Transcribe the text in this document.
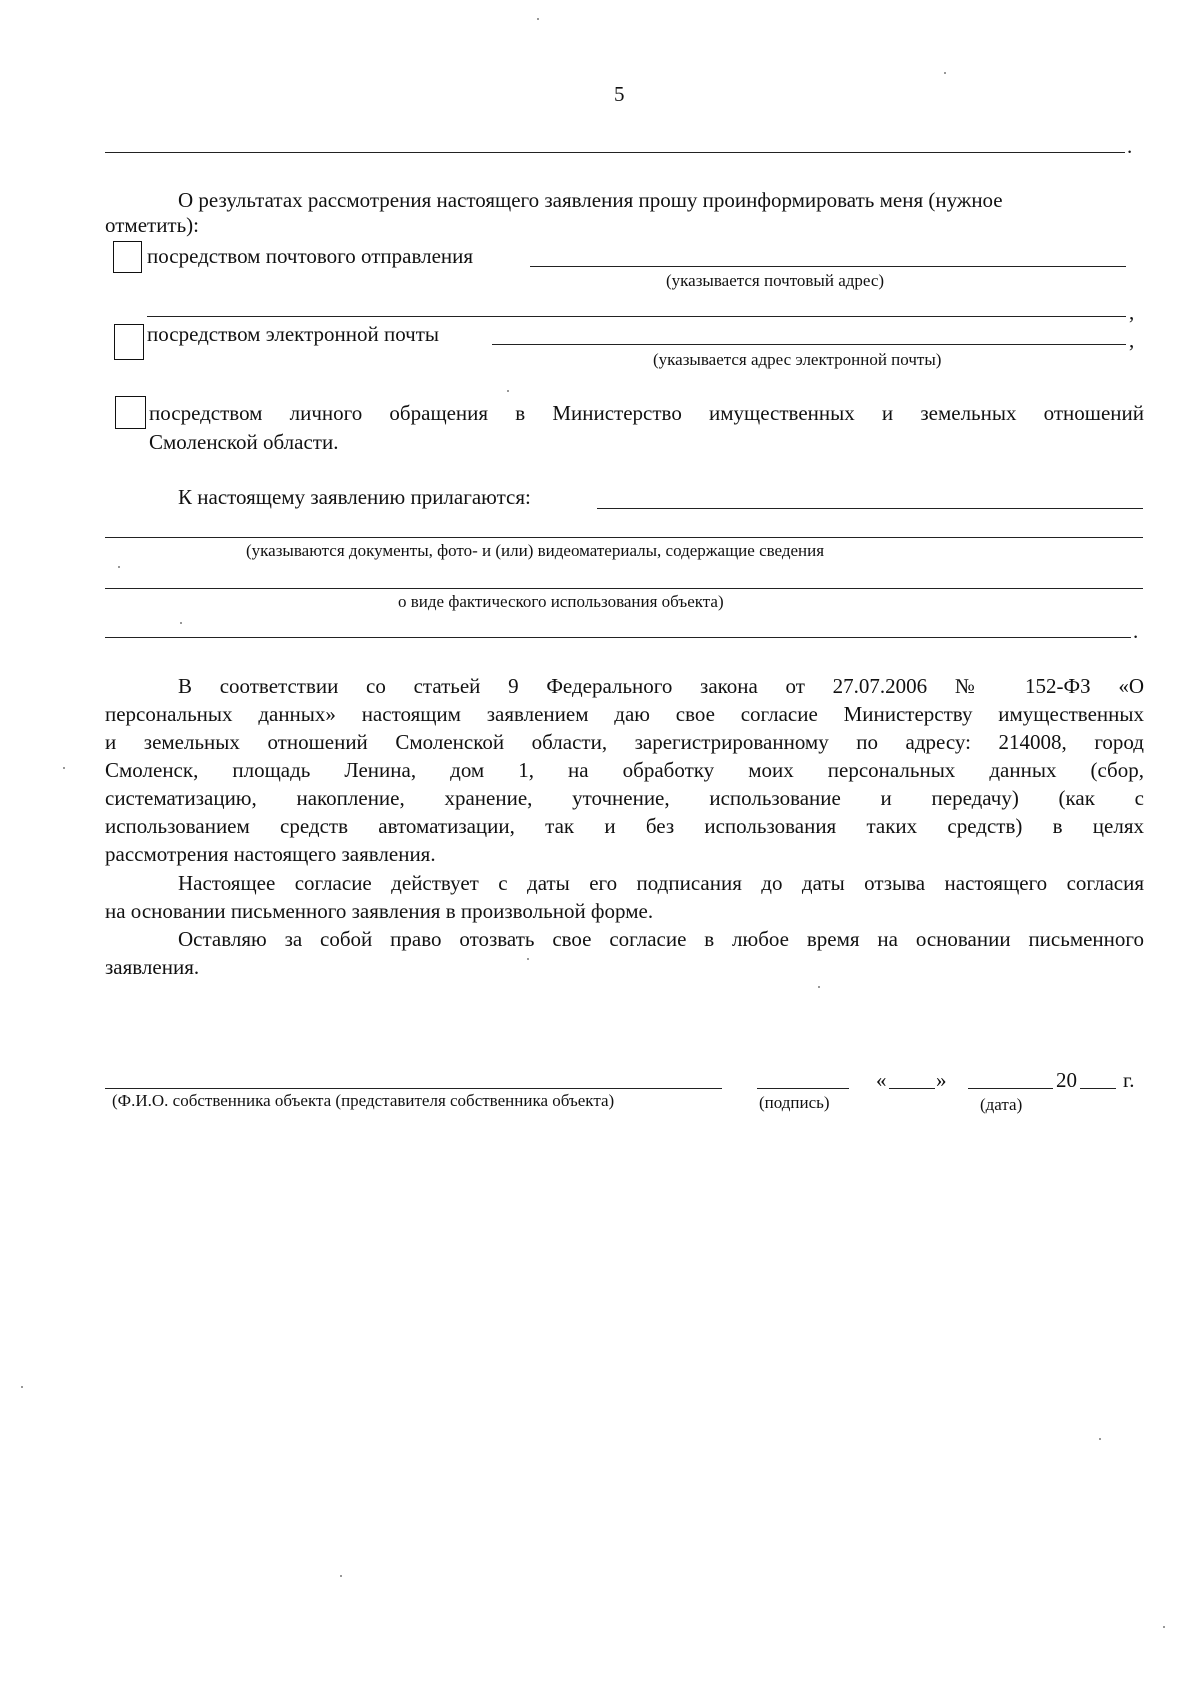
5
.
О результатах рассмотрения настоящего заявления прошу проинформировать меня (нужное
отметить):
посредством почтового отправления
(указывается почтовый адрес)
,
посредством электронной почты	,
(указывается адрес электронной почты)
посредством личного обращения в Министерство имущественных и земельных отношений
Смоленской области.
К настоящему заявлению прилагаются:
(указываются документы, фото- и (или) видеоматериалы, содержащие сведения
о виде фактического использования объекта)
.
В соответствии со статьей 9 Федерального закона от 27.07.2006 № 152-ФЗ «О
персональных данных» настоящим заявлением даю свое согласие Министерству имущественных
и земельных отношений Смоленской области, зарегистрированному по адресу: 214008, город
Смоленск, площадь Ленина, дом 1, на обработку моих персональных данных (сбор,
систематизацию, накопление, хранение, уточнение, использование и передачу) (как с
использованием средств автоматизации, так и без использования таких средств) в целях
рассмотрения настоящего заявления.
Настоящее согласие действует с даты его подписания до даты отзыва настоящего согласия
на основании письменного заявления в произвольной форме.
Оставляю за собой право отозвать свое согласие в любое время на основании письменного
заявления.
(Ф.И.О. собственника объекта (представителя собственника объекта)	(подпись)
« »	20 г.
(дата)
